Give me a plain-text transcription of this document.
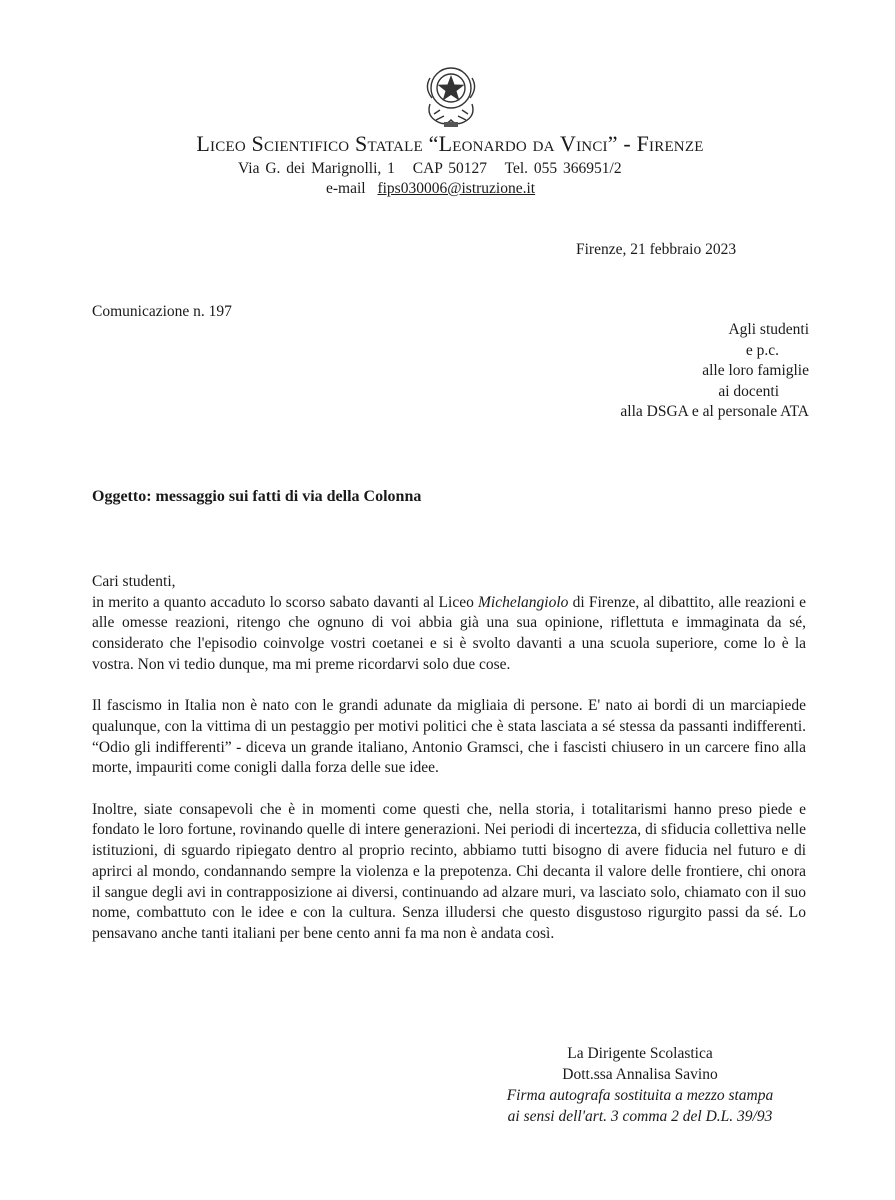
Liceo Scientifico Statale “Leonardo da Vinci” - Firenze
Via G. dei Marignolli, 1 CAP 50127 Tel. 055 366951/2
e-mail fips030006@istruzione.it
Firenze, 21 febbraio 2023
Comunicazione n. 197
Agli studenti
e p.c.
alle loro famiglie
ai docenti
alla DSGA e al personale ATA
Oggetto: messaggio sui fatti di via della Colonna

Cari studenti,

in merito a quanto accaduto lo scorso sabato davanti al Liceo Michelangiolo di Firenze, al dibattito, alle reazioni e alle omesse reazioni, ritengo che ognuno di voi abbia già una sua opinione, riflettuta e immaginata da sé, considerato che l'episodio coinvolge vostri coetanei e si è svolto davanti a una scuola superiore, come lo è la vostra. Non vi tedio dunque, ma mi preme ricordarvi solo due cose.

Il fascismo in Italia non è nato con le grandi adunate da migliaia di persone. E' nato ai bordi di un marciapiede qualunque, con la vittima di un pestaggio per motivi politici che è stata lasciata a sé stessa da passanti indifferenti. “Odio gli indifferenti” - diceva un grande italiano, Antonio Gramsci, che i fascisti chiusero in un carcere fino alla morte, impauriti come conigli dalla forza delle sue idee.

Inoltre, siate consapevoli che è in momenti come questi che, nella storia, i totalitarismi hanno preso piede e fondato le loro fortune, rovinando quelle di intere generazioni. Nei periodi di incertezza, di sfiducia collettiva nelle istituzioni, di sguardo ripiegato dentro al proprio recinto, abbiamo tutti bisogno di avere fiducia nel futuro e di aprirci al mondo, condannando sempre la violenza e la prepotenza. Chi decanta il valore delle frontiere, chi onora il sangue degli avi in contrapposizione ai diversi, continuando ad alzare muri, va lasciato solo, chiamato con il suo nome, combattuto con le idee e con la cultura. Senza illudersi che questo disgustoso rigurgito passi da sé. Lo pensavano anche tanti italiani per bene cento anni fa ma non è andata così.

La Dirigente Scolastica
Dott.ssa Annalisa Savino
Firma autografa sostituita a mezzo stampa
ai sensi dell'art. 3 comma 2 del D.L. 39/93
